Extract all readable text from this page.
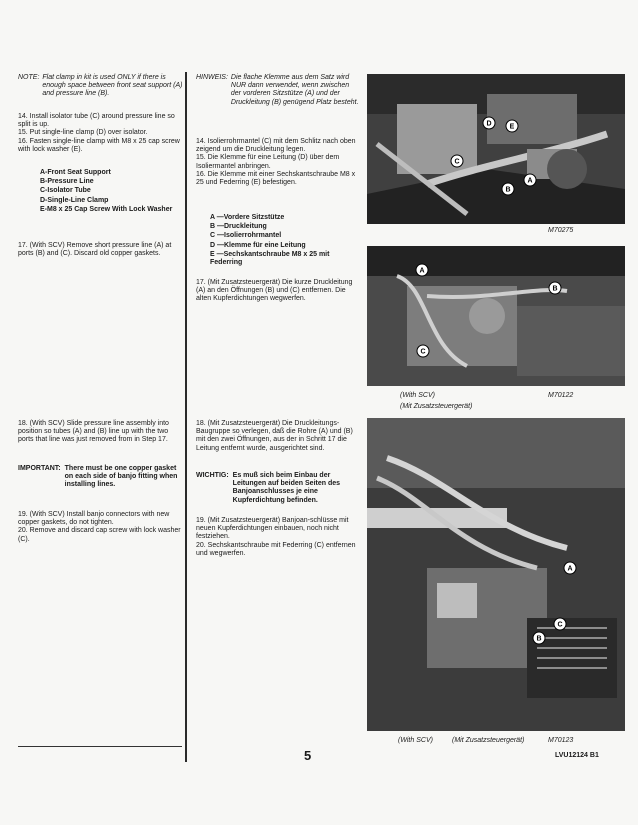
NOTE: Flat clamp in kit is used ONLY if there is enough space between front seat support (A) and pressure line (B).

14. Install isolator tube (C) around pressure line so split is up.

15. Put single-line clamp (D) over isolator.

16. Fasten single-line clamp with M8 x 25 cap screw with lock washer (E).

A-Front Seat Support
B-Pressure Line
C-Isolator Tube
D-Single-Line Clamp
E-M8 x 25 Cap Screw With Lock Washer

17. (With SCV) Remove short pressure line (A) at ports (B) and (C). Discard old copper gaskets.

18. (With SCV) Slide pressure line assembly into position so tubes (A) and (B) line up with the two ports that line was just removed from in Step 17.

IMPORTANT: There must be one copper gasket on each side of banjo fitting when installing lines.

19. (With SCV) Install banjo connectors with new copper gaskets, do not tighten.

20. Remove and discard cap screw with lock washer (C).

HINWEIS: Die flache Klemme aus dem Satz wird NUR dann verwendet, wenn zwischen der vorderen Sitzstütze (A) und der Druckleitung (B) genügend Platz besteht.

14. Isolierrohrmantel (C) mit dem Schlitz nach oben zeigend um die Druckleitung legen.

15. Die Klemme für eine Leitung (D) über dem Isoliermantel anbringen.

16. Die Klemme mit einer Sechskantschraube M8 x 25 und Federring (E) befestigen.

A —Vordere Sitzstütze
B —Druckleitung
C —Isolierrohrmantel
D —Klemme für eine Leitung
E —Sechskantschraube M8 x 25 mit Federring

17. (Mit Zusatzsteuergerät) Die kurze Druckleitung (A) an den Öffnungen (B) und (C) entfernen. Die alten Kupferdichtungen wegwerfen.

18. (Mit Zusatzsteuergerät) Die Druckleitungs-Baugruppe so verlegen, daß die Rohre (A) und (B) mit den zwei Öffnungen, aus der in Schritt 17 die Leitung entfernt wurde, ausgerichtet sind.

WICHTIG: Es muß sich beim Einbau der Leitungen auf beiden Seiten des Banjoanschlusses je eine Kupferdichtung befinden.

19. (Mit Zusatzsteuergerät) Banjoan-schlüsse mit neuen Kupferdichtungen einbauen, noch nicht festziehen.

20. Sechskantschraube mit Federring (C) entfernen und wegwerfen.

D	E
C
B
A
M70275
A
B
C
(With SCV)	M70122
(Mit Zusatzsteuergerät)
A
C
B
(With SCV)	(Mit Zusatzsteuergerät)	M70123
5	LVU12124 B1
